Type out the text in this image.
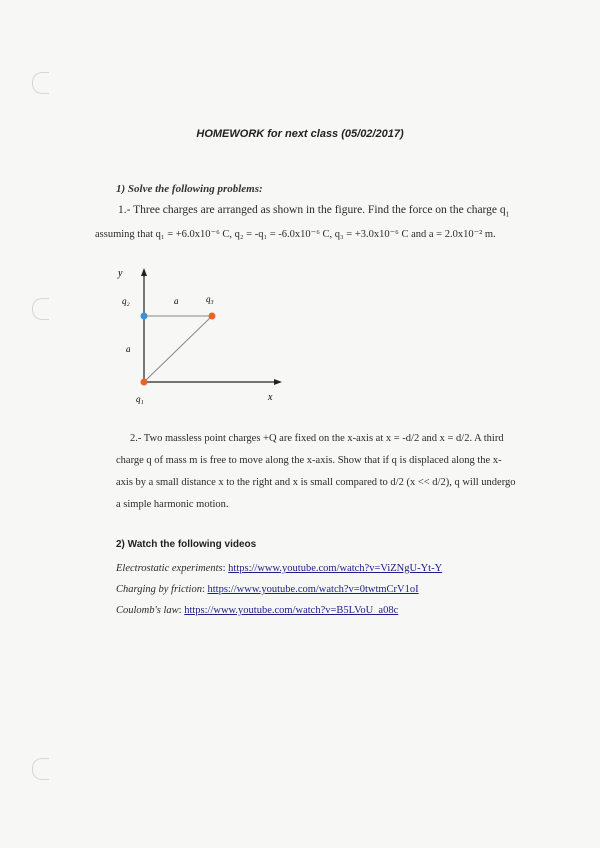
HOMEWORK for next class (05/02/2017)
1) Solve the following problems:
1.- Three charges are arranged as shown in the figure. Find the force on the charge $q_1$
assuming that q₁ = +6.0x10⁻⁶ C, q₂ = -q₁ = -6.0x10⁻⁶ C, q₃ = +3.0x10⁻⁶ C and a = 2.0x10⁻² m.
y
x
q₂	q₃
q₁
a
a
2.- Two massless point charges +Q are fixed on the x-axis at x = -d/2 and x = d/2. A third charge q of mass m is free to move along the x-axis. Show that if q is displaced along the x-axis by a small distance x to the right and x is small compared to d/2 (x << d/2), q will undergo a simple harmonic motion.
2) Watch the following videos
Electrostatic experiments: https://www.youtube.com/watch?v=ViZNgU-Yt-Y
Charging by friction: https://www.youtube.com/watch?v=0twtmCrV1oI
Coulomb's law: https://www.youtube.com/watch?v=B5LVoU_a08c
